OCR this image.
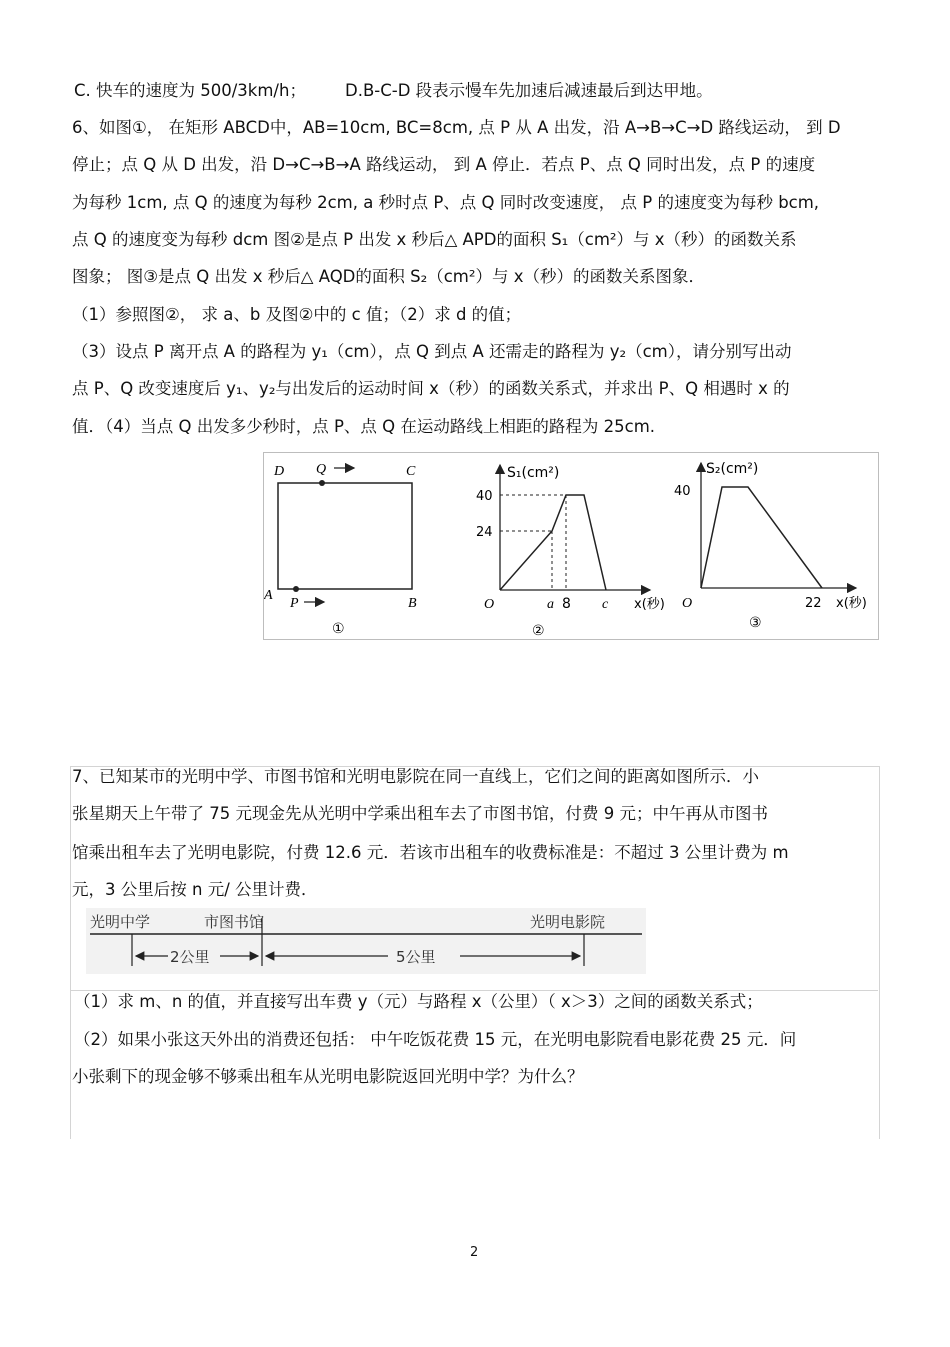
C. 快车的速度为 500/3km/h； D.B-C-D 段表示慢车先加速后减速最后到达甲地。
6、如图①， 在矩形 ABCD中，AB=10cm, BC=8cm, 点 P 从 A 出发，沿 A→B→C→D 路线运动， 到 D
停止；点 Q 从 D 出发，沿 D→C→B→A 路线运动， 到 A 停止．若点 P、点 Q 同时出发，点 P 的速度
为每秒 1cm, 点 Q 的速度为每秒 2cm, a 秒时点 P、点 Q 同时改变速度， 点 P 的速度变为每秒 bcm,
点 Q 的速度变为每秒 dcm 图②是点 P 出发 x 秒后△ APD的面积 S₁（cm²）与 x（秒）的函数关系
图象； 图③是点 Q 出发 x 秒后△ AQD的面积 S₂（cm²）与 x（秒）的函数关系图象．
（1）参照图②， 求 a、b 及图②中的 c 值；（2）求 d 的值；
（3）设点 P 离开点 A 的路程为 y₁（cm），点 Q 到点 A 还需走的路程为 y₂（cm），请分别写出动
点 P、Q 改变速度后 y₁、y₂与出发后的运动时间 x（秒）的函数关系式，并求出 P、Q 相遇时 x 的
值．（4）当点 Q 出发多少秒时，点 P、点 Q 在运动路线上相距的路程为 25cm.
D Q	C
A
P	B
①
S₁(cm²)
40
24
O	a 8 c x(秒)
②
S₂(cm²)
40
O	22 x(秒)
③
7、已知某市的光明中学、市图书馆和光明电影院在同一直线上，它们之间的距离如图所示．小
张星期天上午带了 75 元现金先从光明中学乘出租车去了市图书馆，付费 9 元；中午再从市图书
馆乘出租车去了光明电影院，付费 12.6 元．若该市出租车的收费标准是：不超过 3 公里计费为 m
元，3 公里后按 n 元/ 公里计费．
光明中学	市图书馆	光明电影院
2公里	5公里
（1）求 m、n 的值，并直接写出车费 y（元）与路程 x（公里）（ x＞3）之间的函数关系式；
（2）如果小张这天外出的消费还包括： 中午吃饭花费 15 元，在光明电影院看电影花费 25 元．问
小张剩下的现金够不够乘出租车从光明电影院返回光明中学？为什么？
2
